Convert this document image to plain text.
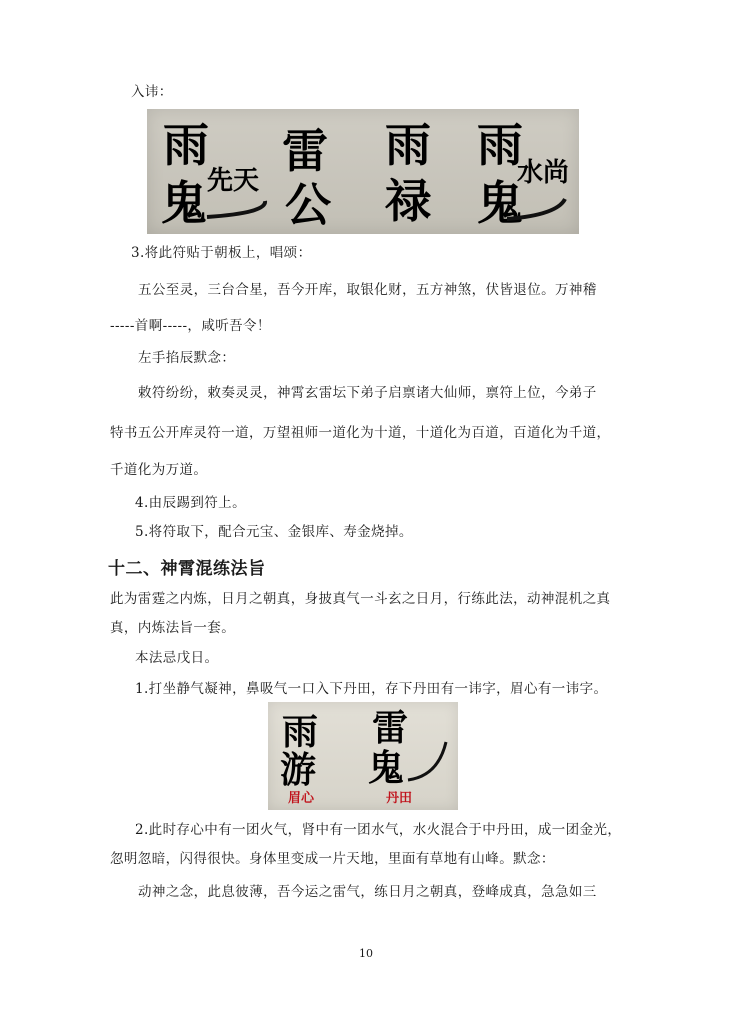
入讳：
雨
鬼 先天
雷
公
雨
禄
雨
鬼
水尚
3.将此符贴于朝板上，唱颂：
五公至灵，三台合星，吾今开库，取银化财，五方神煞，伏皆退位。万神稽
-----首啊-----，咸听吾令！
左手掐辰默念：
敕符纷纷，敕奏灵灵，神霄玄雷坛下弟子启禀诸大仙师，禀符上位，今弟子
特书五公开库灵符一道，万望祖师一道化为十道，十道化为百道，百道化为千道，
千道化为万道。
4.由辰踢到符上。
5.将符取下，配合元宝、金银库、寿金烧掉。
十二、神霄混练法旨
此为雷霆之内炼，日月之朝真，身披真气一斗玄之日月，行练此法，动神混机之真
真，内炼法旨一套。
本法忌戊日。
1.打坐静气凝神，鼻吸气一口入下丹田，存下丹田有一讳字，眉心有一讳字。
雨
游
雷
鬼
眉心	丹田
2.此时存心中有一团火气，肾中有一团水气，水火混合于中丹田，成一团金光，
忽明忽暗，闪得很快。身体里变成一片天地，里面有草地有山峰。默念：
动神之念，此息彼薄，吾今运之雷气，练日月之朝真，登峰成真，急急如三
10
